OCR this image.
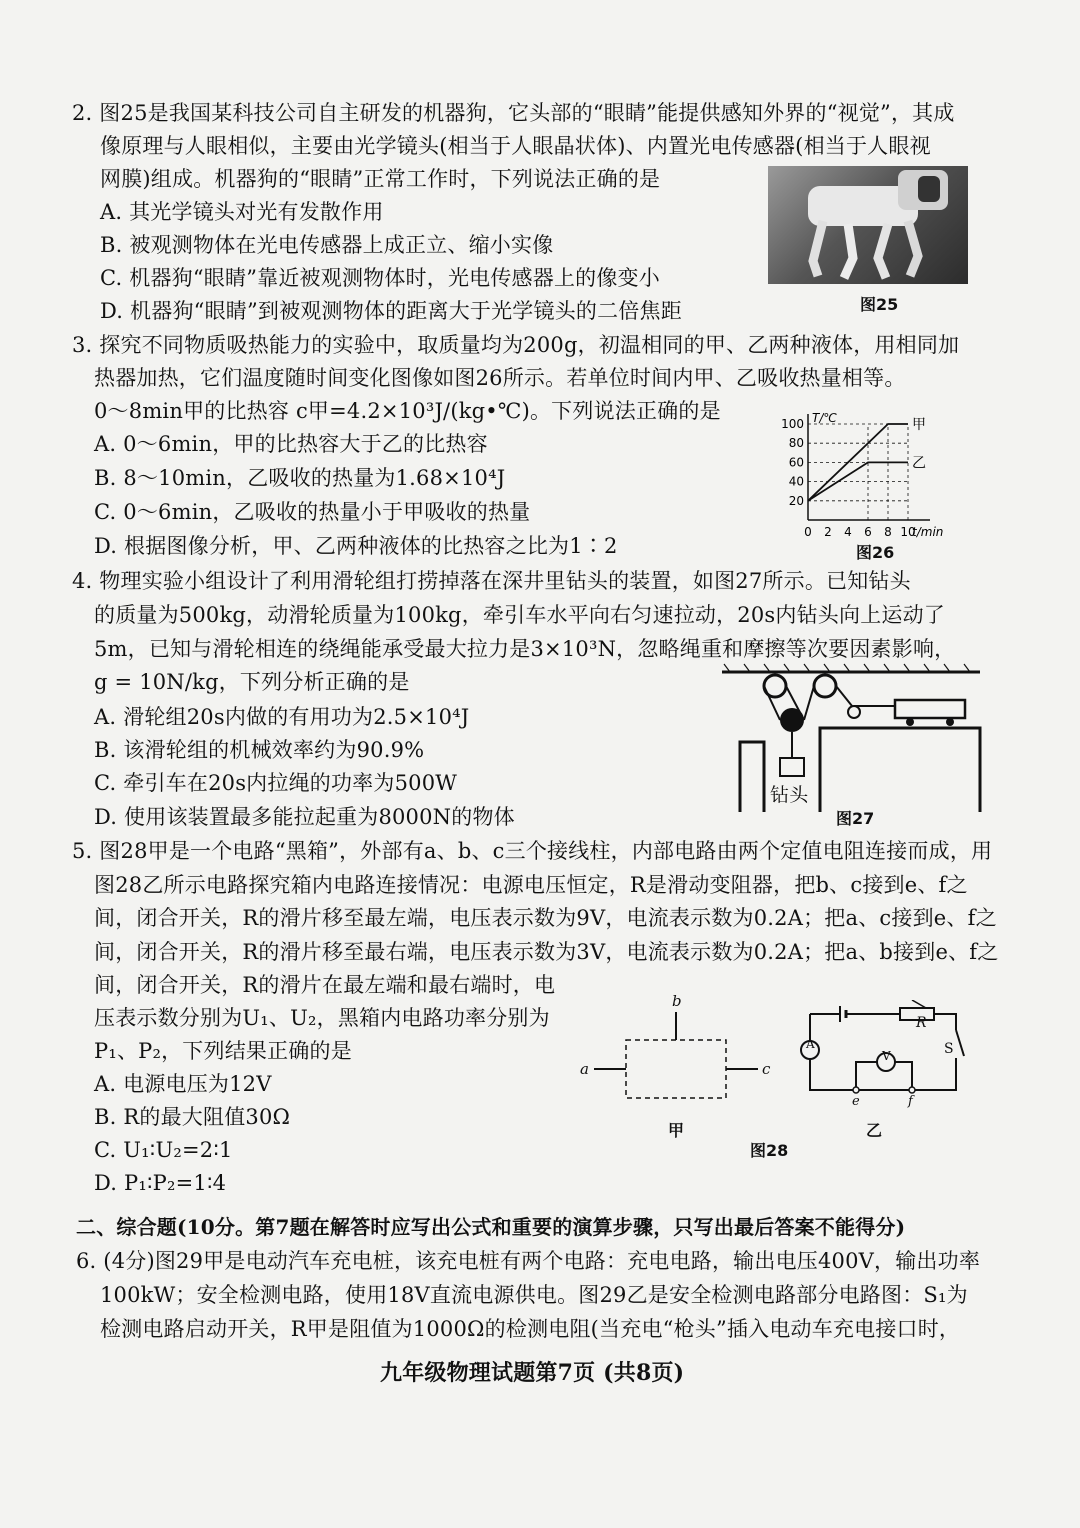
2. 图25是我国某科技公司自主研发的机器狗，它头部的“眼睛”能提供感知外界的“视觉”，其成
像原理与人眼相似，主要由光学镜头(相当于人眼晶状体)、内置光电传感器(相当于人眼视
网膜)组成。机器狗的“眼睛”正常工作时，下列说法正确的是
A. 其光学镜头对光有发散作用
B. 被观测物体在光电传感器上成正立、缩小实像
C. 机器狗“眼睛”靠近被观测物体时，光电传感器上的像变小
D. 机器狗“眼睛”到被观测物体的距离大于光学镜头的二倍焦距	图25
3. 探究不同物质吸热能力的实验中，取质量均为200g，初温相同的甲、乙两种液体，用相同加
热器加热，它们温度随时间变化图像如图26所示。若单位时间内甲、乙吸收热量相等。
0～8min甲的比热容 c甲=4.2×10³J/(kg•℃)。下列说法正确的是
A. 0～6min，甲的比热容大于乙的比热容
B. 8～10min，乙吸收的热量为1.68×10⁴J
C. 0～6min，乙吸收的热量小于甲吸收的热量
D. 根据图像分析，甲、乙两种液体的比热容之比为1∶2
0 2 4 6 8 10
20
40
60
80
100	甲
乙
t/min
T/℃
图26
4. 物理实验小组设计了利用滑轮组打捞掉落在深井里钻头的装置，如图27所示。已知钻头
的质量为500kg，动滑轮质量为100kg，牵引车水平向右匀速拉动，20s内钻头向上运动了
5m，已知与滑轮相连的绕绳能承受最大拉力是3×10³N，忽略绳重和摩擦等次要因素影响，
g = 10N/kg，下列分析正确的是
A. 滑轮组20s内做的有用功为2.5×10⁴J
B. 该滑轮组的机械效率约为90.9%
C. 牵引车在20s内拉绳的功率为500W
D. 使用该装置最多能拉起重为8000N的物体
钻头
图27
5. 图28甲是一个电路“黑箱”，外部有a、b、c三个接线柱，内部电路由两个定值电阻连接而成，用
图28乙所示电路探究箱内电路连接情况：电源电压恒定，R是滑动变阻器，把b、c接到e、f之
间，闭合开关，R的滑片移至最左端，电压表示数为9V，电流表示数为0.2A；把a、c接到e、f之
间，闭合开关，R的滑片移至最右端，电压表示数为3V，电流表示数为0.2A；把a、b接到e、f之
间，闭合开关，R的滑片在最左端和最右端时，电
压表示数分别为U₁、U₂，黑箱内电路功率分别为
P₁、P₂，下列结果正确的是
A. 电源电压为12V
B. R的最大阻值30Ω
C. U₁∶U₂=2∶1
D. P₁∶P₂=1∶4
b
a	c
甲
A
V
R
S
e	f
图28
乙
二、综合题(10分。第7题在解答时应写出公式和重要的演算步骤，只写出最后答案不能得分)
6. (4分)图29甲是电动汽车充电桩，该充电桩有两个电路：充电电路，输出电压400V，输出功率
100kW；安全检测电路，使用18V直流电源供电。图29乙是安全检测电路部分电路图：S₁为
检测电路启动开关，R甲是阻值为1000Ω的检测电阻(当充电“枪头”插入电动车充电接口时，
九年级物理试题第7页 (共8页)
